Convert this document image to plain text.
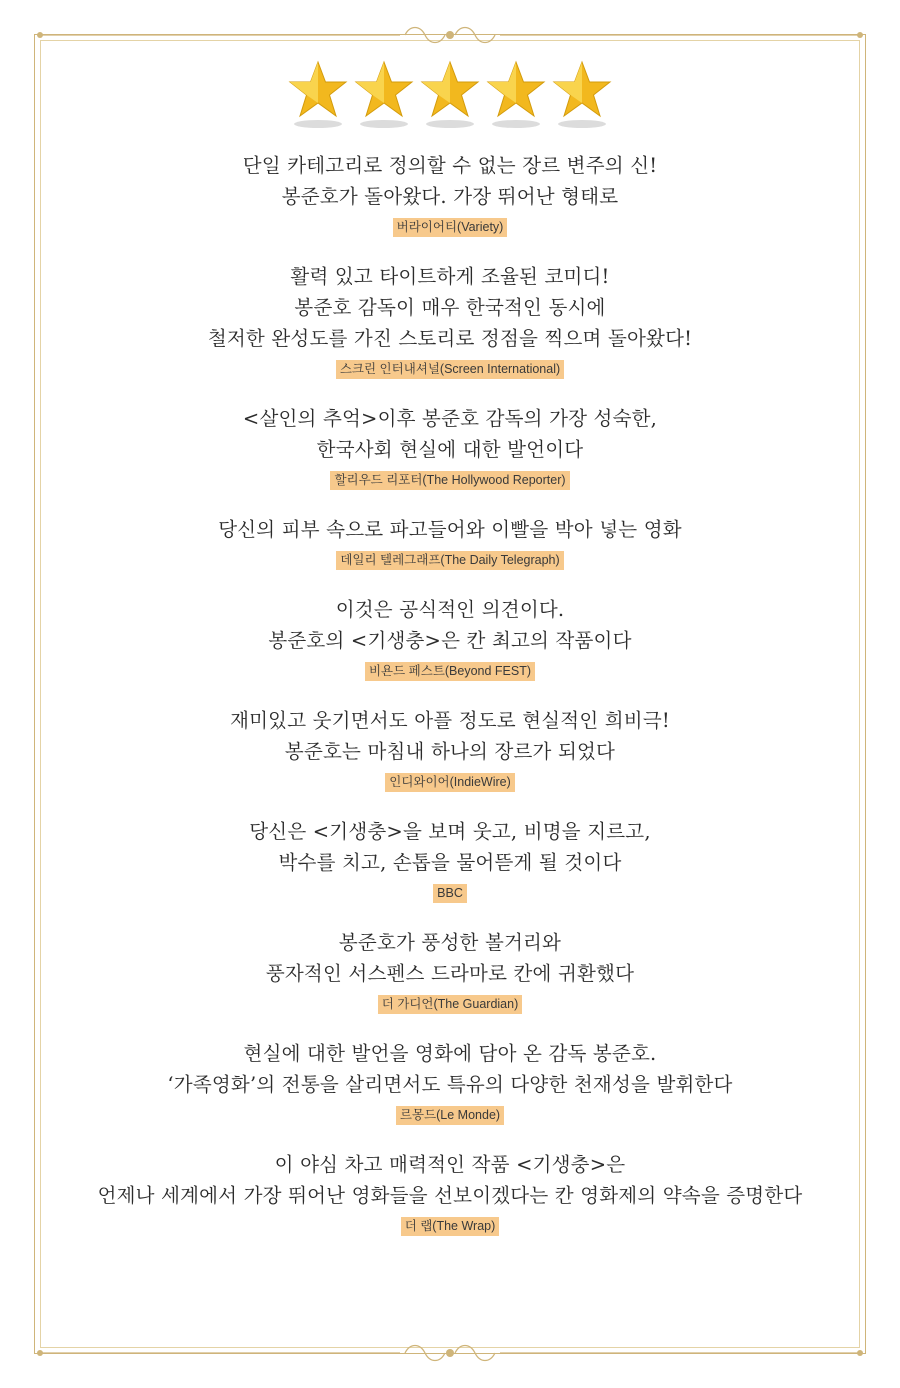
단일 카테고리로 정의할 수 없는 장르 변주의 신!
봉준호가 돌아왔다. 가장 뛰어난 형태로
버라이어티(Variety)
활력 있고 타이트하게 조율된 코미디!
봉준호 감독이 매우 한국적인 동시에
철저한 완성도를 가진 스토리로 정점을 찍으며 돌아왔다!
스크린 인터내셔널(Screen International)
<살인의 추억>이후 봉준호 감독의 가장 성숙한,
한국사회 현실에 대한 발언이다
할리우드 리포터(The Hollywood Reporter)
당신의 피부 속으로 파고들어와 이빨을 박아 넣는 영화
데일리 텔레그래프(The Daily Telegraph)
이것은 공식적인 의견이다.
봉준호의 <기생충>은 칸 최고의 작품이다
비욘드 페스트(Beyond FEST)
재미있고 웃기면서도 아플 정도로 현실적인 희비극!
봉준호는 마침내 하나의 장르가 되었다
인디와이어(IndieWire)
당신은 <기생충>을 보며 웃고, 비명을 지르고,
박수를 치고, 손톱을 물어뜯게 될 것이다
BBC
봉준호가 풍성한 볼거리와
풍자적인 서스펜스 드라마로 칸에 귀환했다
더 가디언(The Guardian)
현실에 대한 발언을 영화에 담아 온 감독 봉준호.
‘가족영화’의 전통을 살리면서도 특유의 다양한 천재성을 발휘한다
르몽드(Le Monde)
이 야심 차고 매력적인 작품 <기생충>은
언제나 세계에서 가장 뛰어난 영화들을 선보이겠다는 칸 영화제의 약속을 증명한다
더 랩(The Wrap)
